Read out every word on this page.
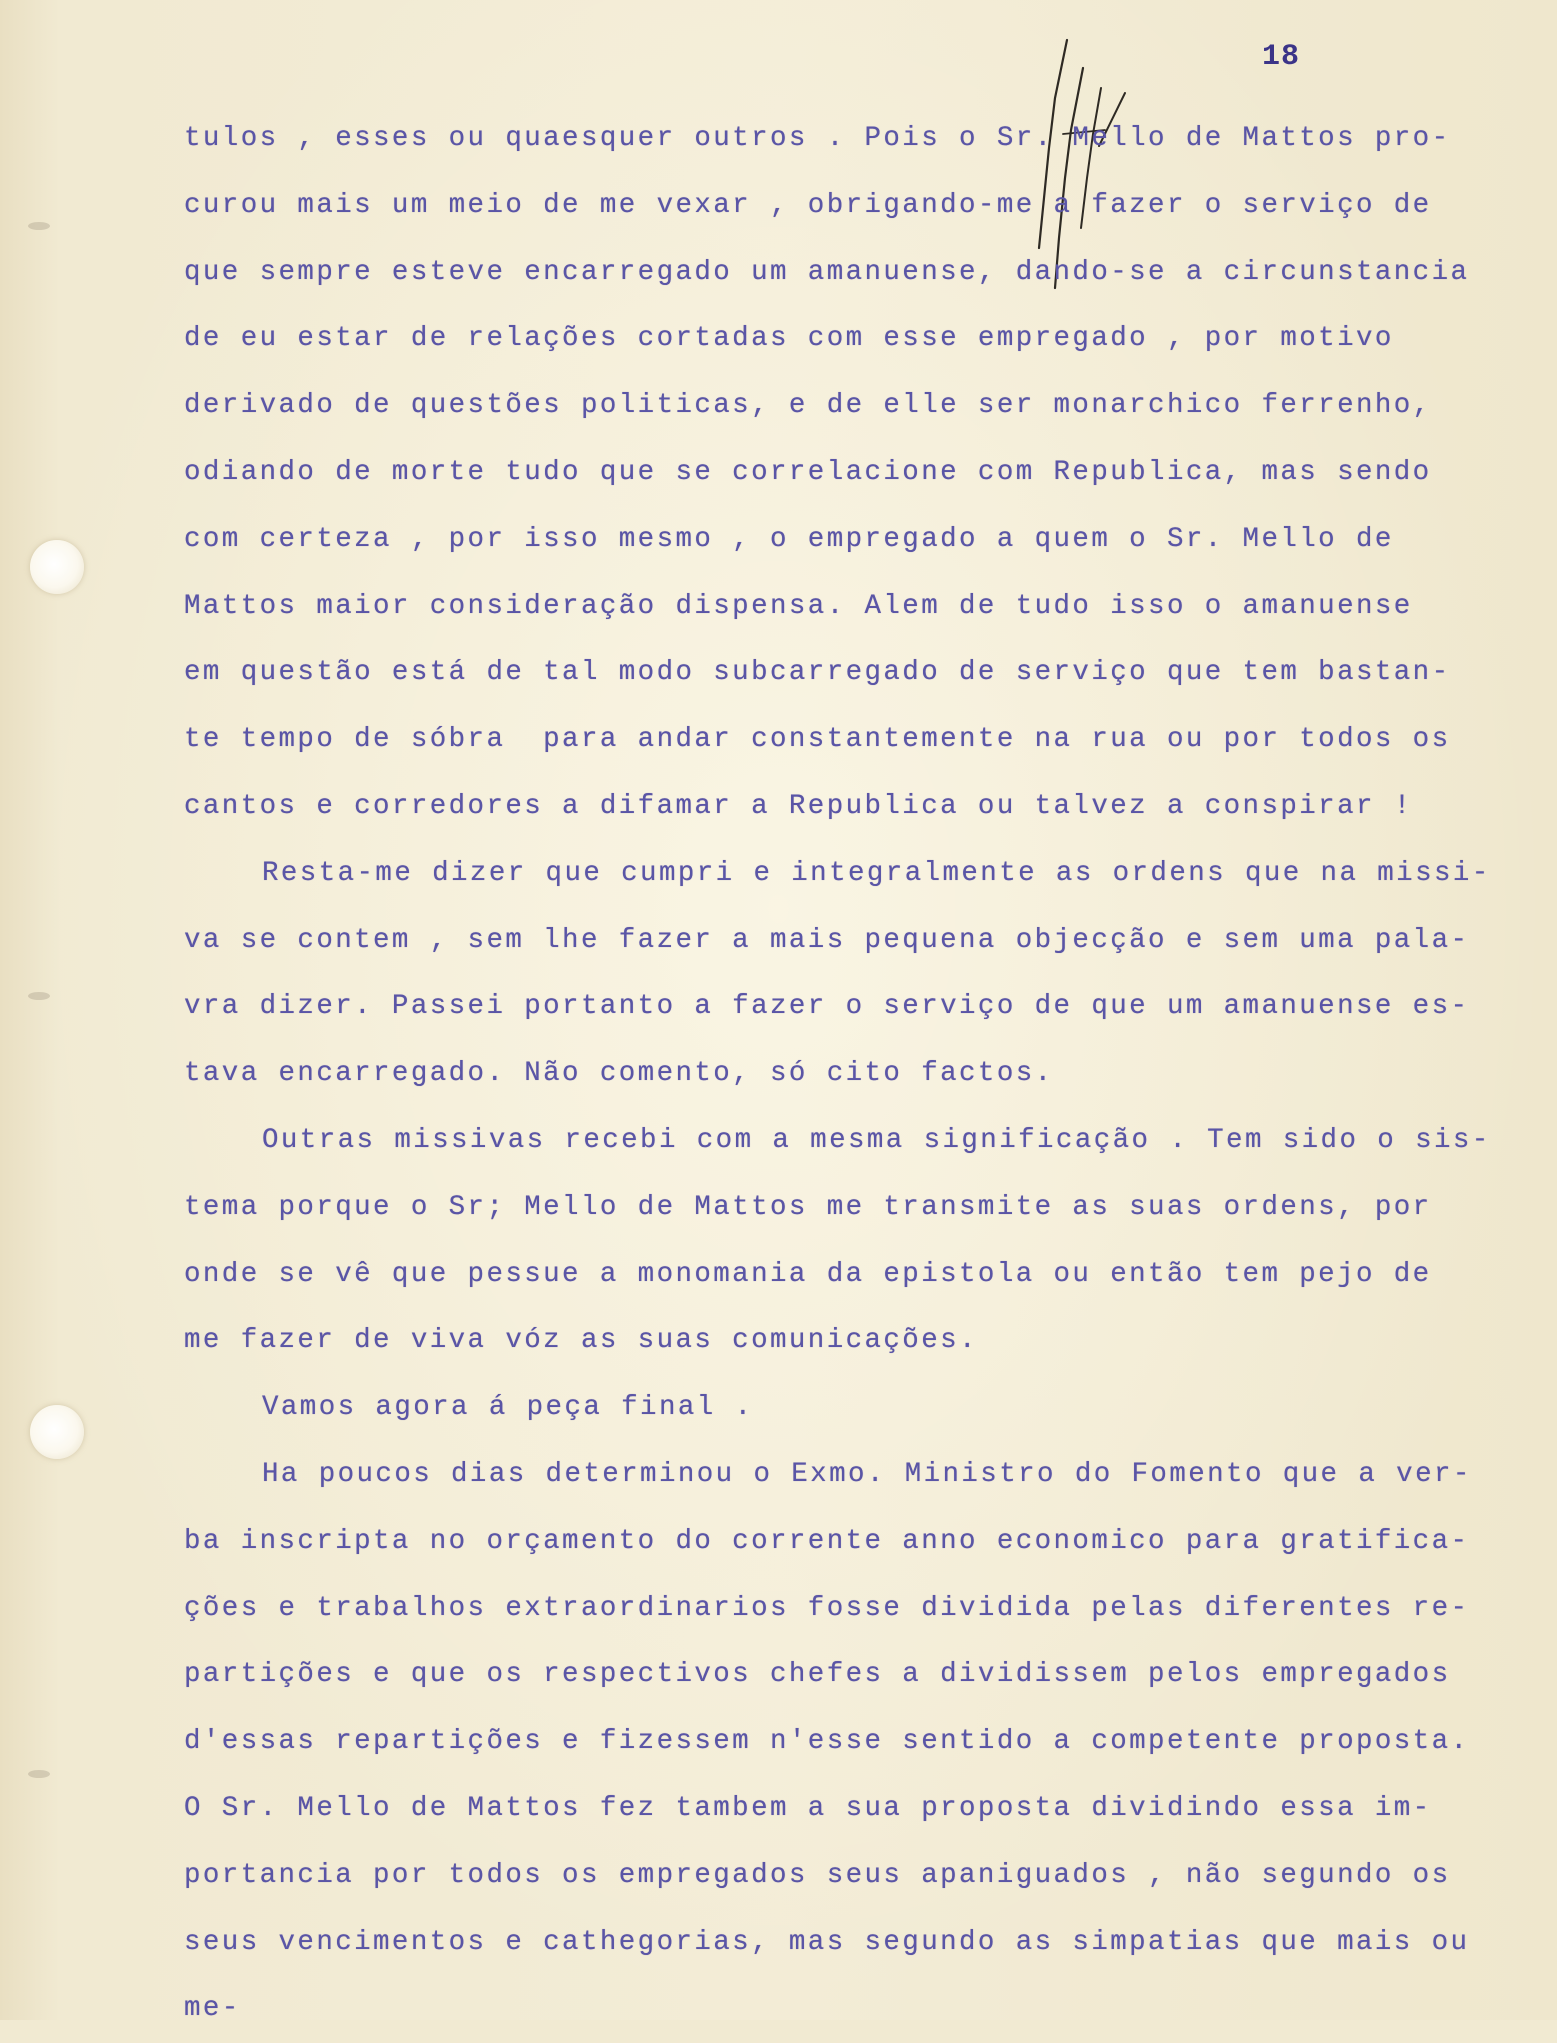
18
tulos , esses ou quaesquer outros . Pois o Sr. Mello de Mattos pro-
curou mais um meio de me vexar , obrigando-me a fazer o serviço de
que sempre esteve encarregado um amanuense, dando-se a circunstancia
de eu estar de relações cortadas com esse empregado , por motivo
derivado de questões politicas, e de elle ser monarchico ferrenho,
odiando de morte tudo que se correlacione com Republica, mas sendo
com certeza , por isso mesmo , o empregado a quem o Sr. Mello de
Mattos maior consideração dispensa. Alem de tudo isso o amanuense
em questão está de tal modo subcarregado de serviço que tem bastan-
te tempo de sóbra  para andar constantemente na rua ou por todos os
cantos e corredores a difamar a Republica ou talvez a conspirar !
Resta-me dizer que cumpri e integralmente as ordens que na missi-
va se contem , sem lhe fazer a mais pequena objecção e sem uma pala-
vra dizer. Passei portanto a fazer o serviço de que um amanuense es-
tava encarregado. Não comento, só cito factos.
Outras missivas recebi com a mesma significação . Tem sido o sis-
tema porque o Sr; Mello de Mattos me transmite as suas ordens, por
onde se vê que pessue a monomania da epistola ou então tem pejo de
me fazer de viva vóz as suas comunicações.
Vamos agora á peça final .
Ha poucos dias determinou o Exmo. Ministro do Fomento que a ver-
ba inscripta no orçamento do corrente anno economico para gratifica-
ções e trabalhos extraordinarios fosse dividida pelas diferentes re-
partições e que os respectivos chefes a dividissem pelos empregados
d'essas repartições e fizessem n'esse sentido a competente proposta.
O Sr. Mello de Mattos fez tambem a sua proposta dividindo essa im-
portancia por todos os empregados seus apaniguados , não segundo os
seus vencimentos e cathegorias, mas segundo as simpatias que mais ou
me-
